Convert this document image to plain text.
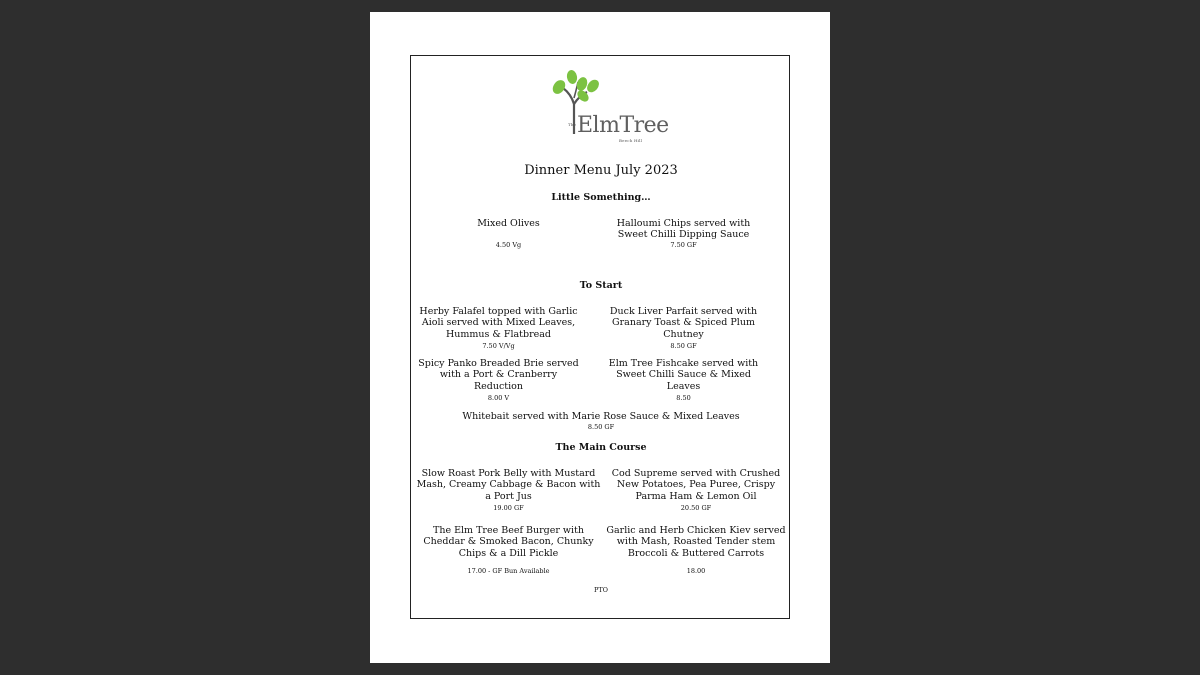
The ElmTree
Beech Hill
Dinner Menu July 2023
Little Something…
Mixed Olives
4.50 Vg
Halloumi Chips served with Sweet Chilli Dipping Sauce
7.50 GF
To Start
Herby Falafel topped with Garlic Aioli served with Mixed Leaves, Hummus & Flatbread
7.50 V/Vg
Duck Liver Parfait served with Granary Toast & Spiced Plum Chutney
8.50 GF
Spicy Panko Breaded Brie served with a Port & Cranberry Reduction
8.00 V
Elm Tree Fishcake served with Sweet Chilli Sauce & Mixed Leaves
8.50
Whitebait served with Marie Rose Sauce & Mixed Leaves
8.50 GF
The Main Course
Slow Roast Pork Belly with Mustard Mash, Creamy Cabbage & Bacon with a Port Jus
19.00 GF
Cod Supreme served with Crushed New Potatoes, Pea Puree, Crispy Parma Ham & Lemon Oil
20.50 GF
The Elm Tree Beef Burger with Cheddar & Smoked Bacon, Chunky Chips & a Dill Pickle
17.00 - GF Bun Available
Garlic and Herb Chicken Kiev served with Mash, Roasted Tender stem Broccoli & Buttered Carrots
18.00
PTO
